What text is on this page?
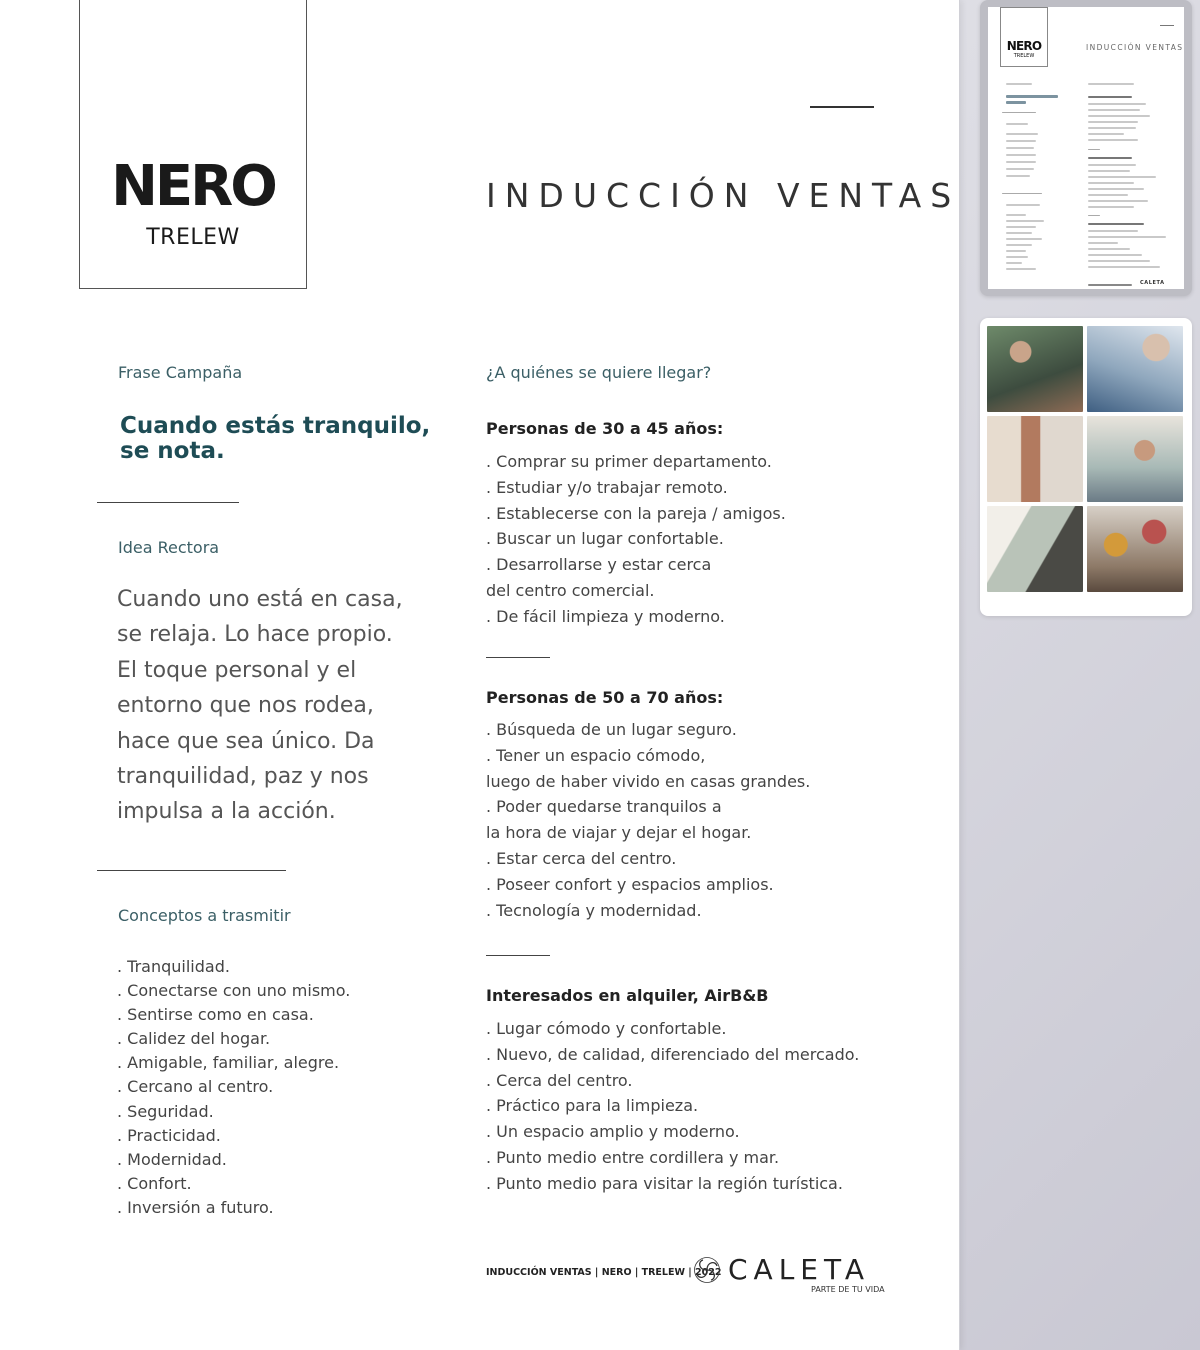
NERO
TRELEW
INDUCCIÓN VENTAS
Frase Campaña
Cuando estás tranquilo,
se nota.
Idea Rectora
Cuando uno está en casa,
se relaja. Lo hace propio.
El toque personal y el
entorno que nos rodea,
hace que sea único. Da
tranquilidad, paz y nos
impulsa a la acción.
Conceptos a trasmitir
. Tranquilidad.
. Conectarse con uno mismo.
. Sentirse como en casa.
. Calidez del hogar.
. Amigable, familiar, alegre.
. Cercano al centro.
. Seguridad.
. Practicidad.
. Modernidad.
. Confort.
. Inversión a futuro.
¿A quiénes se quiere llegar?
Personas de 30 a 45 años:
. Comprar su primer departamento.
. Estudiar y/o trabajar remoto.
. Establecerse con la pareja / amigos.
. Buscar un lugar confortable.
. Desarrollarse y estar cerca
del centro comercial.
. De fácil limpieza y moderno.
Personas de 50 a 70 años:
. Búsqueda de un lugar seguro.
. Tener un espacio cómodo,
luego de haber vivido en casas grandes.
. Poder quedarse tranquilos a
la hora de viajar y dejar el hogar.
. Estar cerca del centro.
. Poseer confort y espacios amplios.
. Tecnología y modernidad.
Interesados en alquiler, AirB&B
. Lugar cómodo y confortable.
. Nuevo, de calidad, diferenciado del mercado.
. Cerca del centro.
. Práctico para la limpieza.
. Un espacio amplio y moderno.
. Punto medio entre cordillera y mar.
. Punto medio para visitar la región turística.
INDUCCIÓN VENTAS | NERO | TRELEW | 2022 CALETA
PARTE DE TU VIDA
NERO
TRELEW
INDUCCIÓN VENTAS
CALETA
